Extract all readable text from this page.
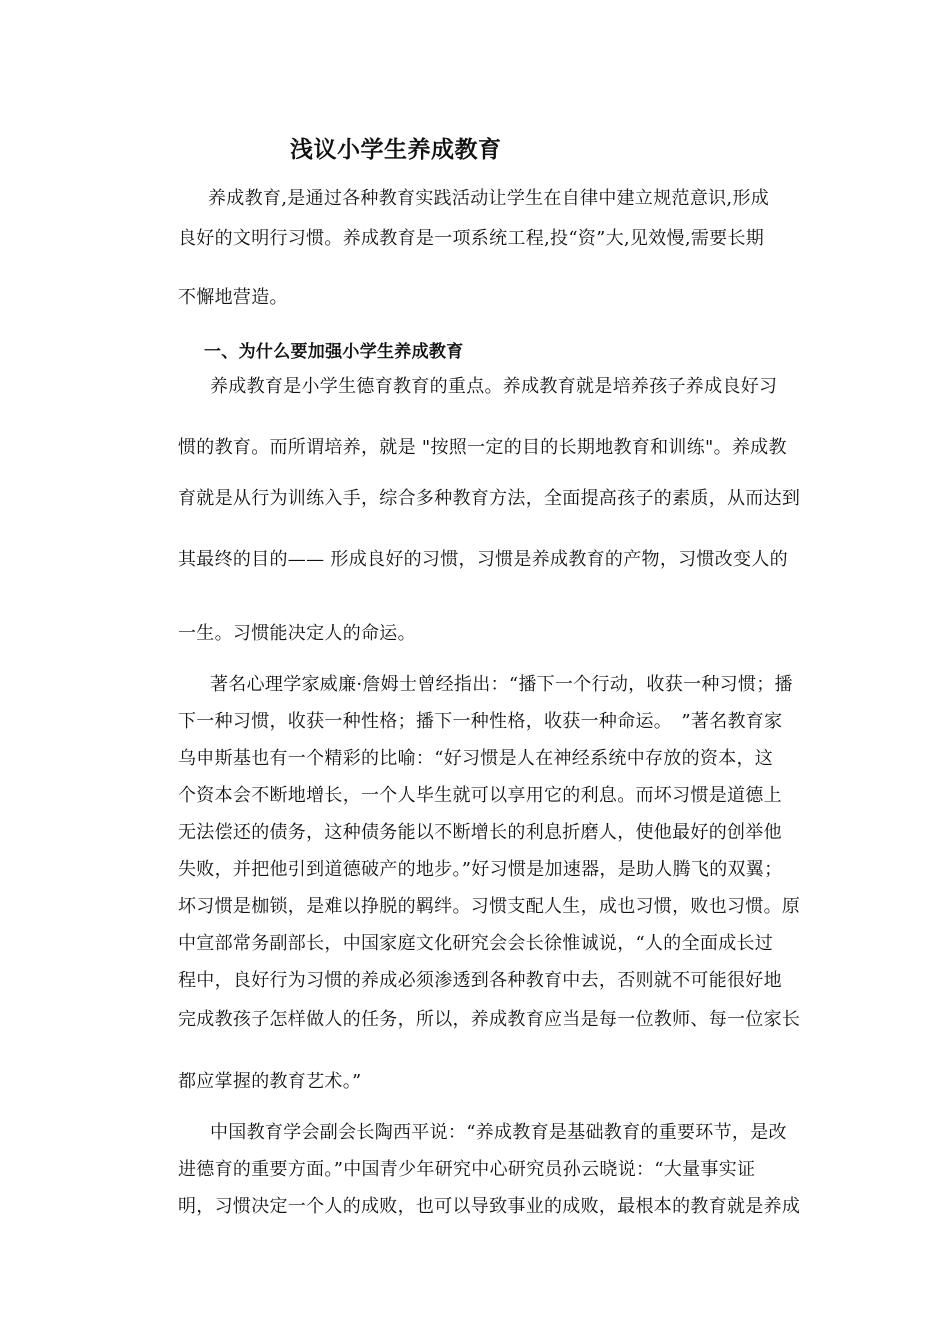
浅议小学生养成教育
养成教育,是通过各种教育实践活动让学生在自律中建立规范意识,形成
良好的文明行习惯。养成教育是一项系统工程,投“资”大,见效慢,需要长期
不懈地营造。
一、为什么要加强小学生养成教育
养成教育是小学生德育教育的重点。养成教育就是培养孩子养成良好习
惯的教育。而所谓培养，就是 "按照一定的目的长期地教育和训练"。养成教
育就是从行为训练入手，综合多种教育方法，全面提高孩子的素质，从而达到
其最终的目的—— 形成良好的习惯，习惯是养成教育的产物，习惯改变人的
一生。习惯能决定人的命运。
著名心理学家威廉·詹姆士曾经指出：“播下一个行动，收获一种习惯；播
下一种习惯，收获一种性格；播下一种性格，收获一种命运。　”著名教育家
乌申斯基也有一个精彩的比喻：“好习惯是人在神经系统中存放的资本，这
个资本会不断地增长，一个人毕生就可以享用它的利息。而坏习惯是道德上
无法偿还的债务，这种债务能以不断增长的利息折磨人，使他最好的创举他
失败，并把他引到道德破产的地步。”好习惯是加速器，是助人腾飞的双翼；
坏习惯是枷锁，是难以挣脱的羁绊。习惯支配人生，成也习惯，败也习惯。原
中宣部常务副部长，中国家庭文化研究会会长徐惟诚说，“人的全面成长过
程中，良好行为习惯的养成必须渗透到各种教育中去，否则就不可能很好地
完成教孩子怎样做人的任务，所以，养成教育应当是每一位教师、每一位家长
都应掌握的教育艺术。”
中国教育学会副会长陶西平说：“养成教育是基础教育的重要环节，是改
进德育的重要方面。”中国青少年研究中心研究员孙云晓说：“大量事实证
明，习惯决定一个人的成败，也可以导致事业的成败，最根本的教育就是养成
